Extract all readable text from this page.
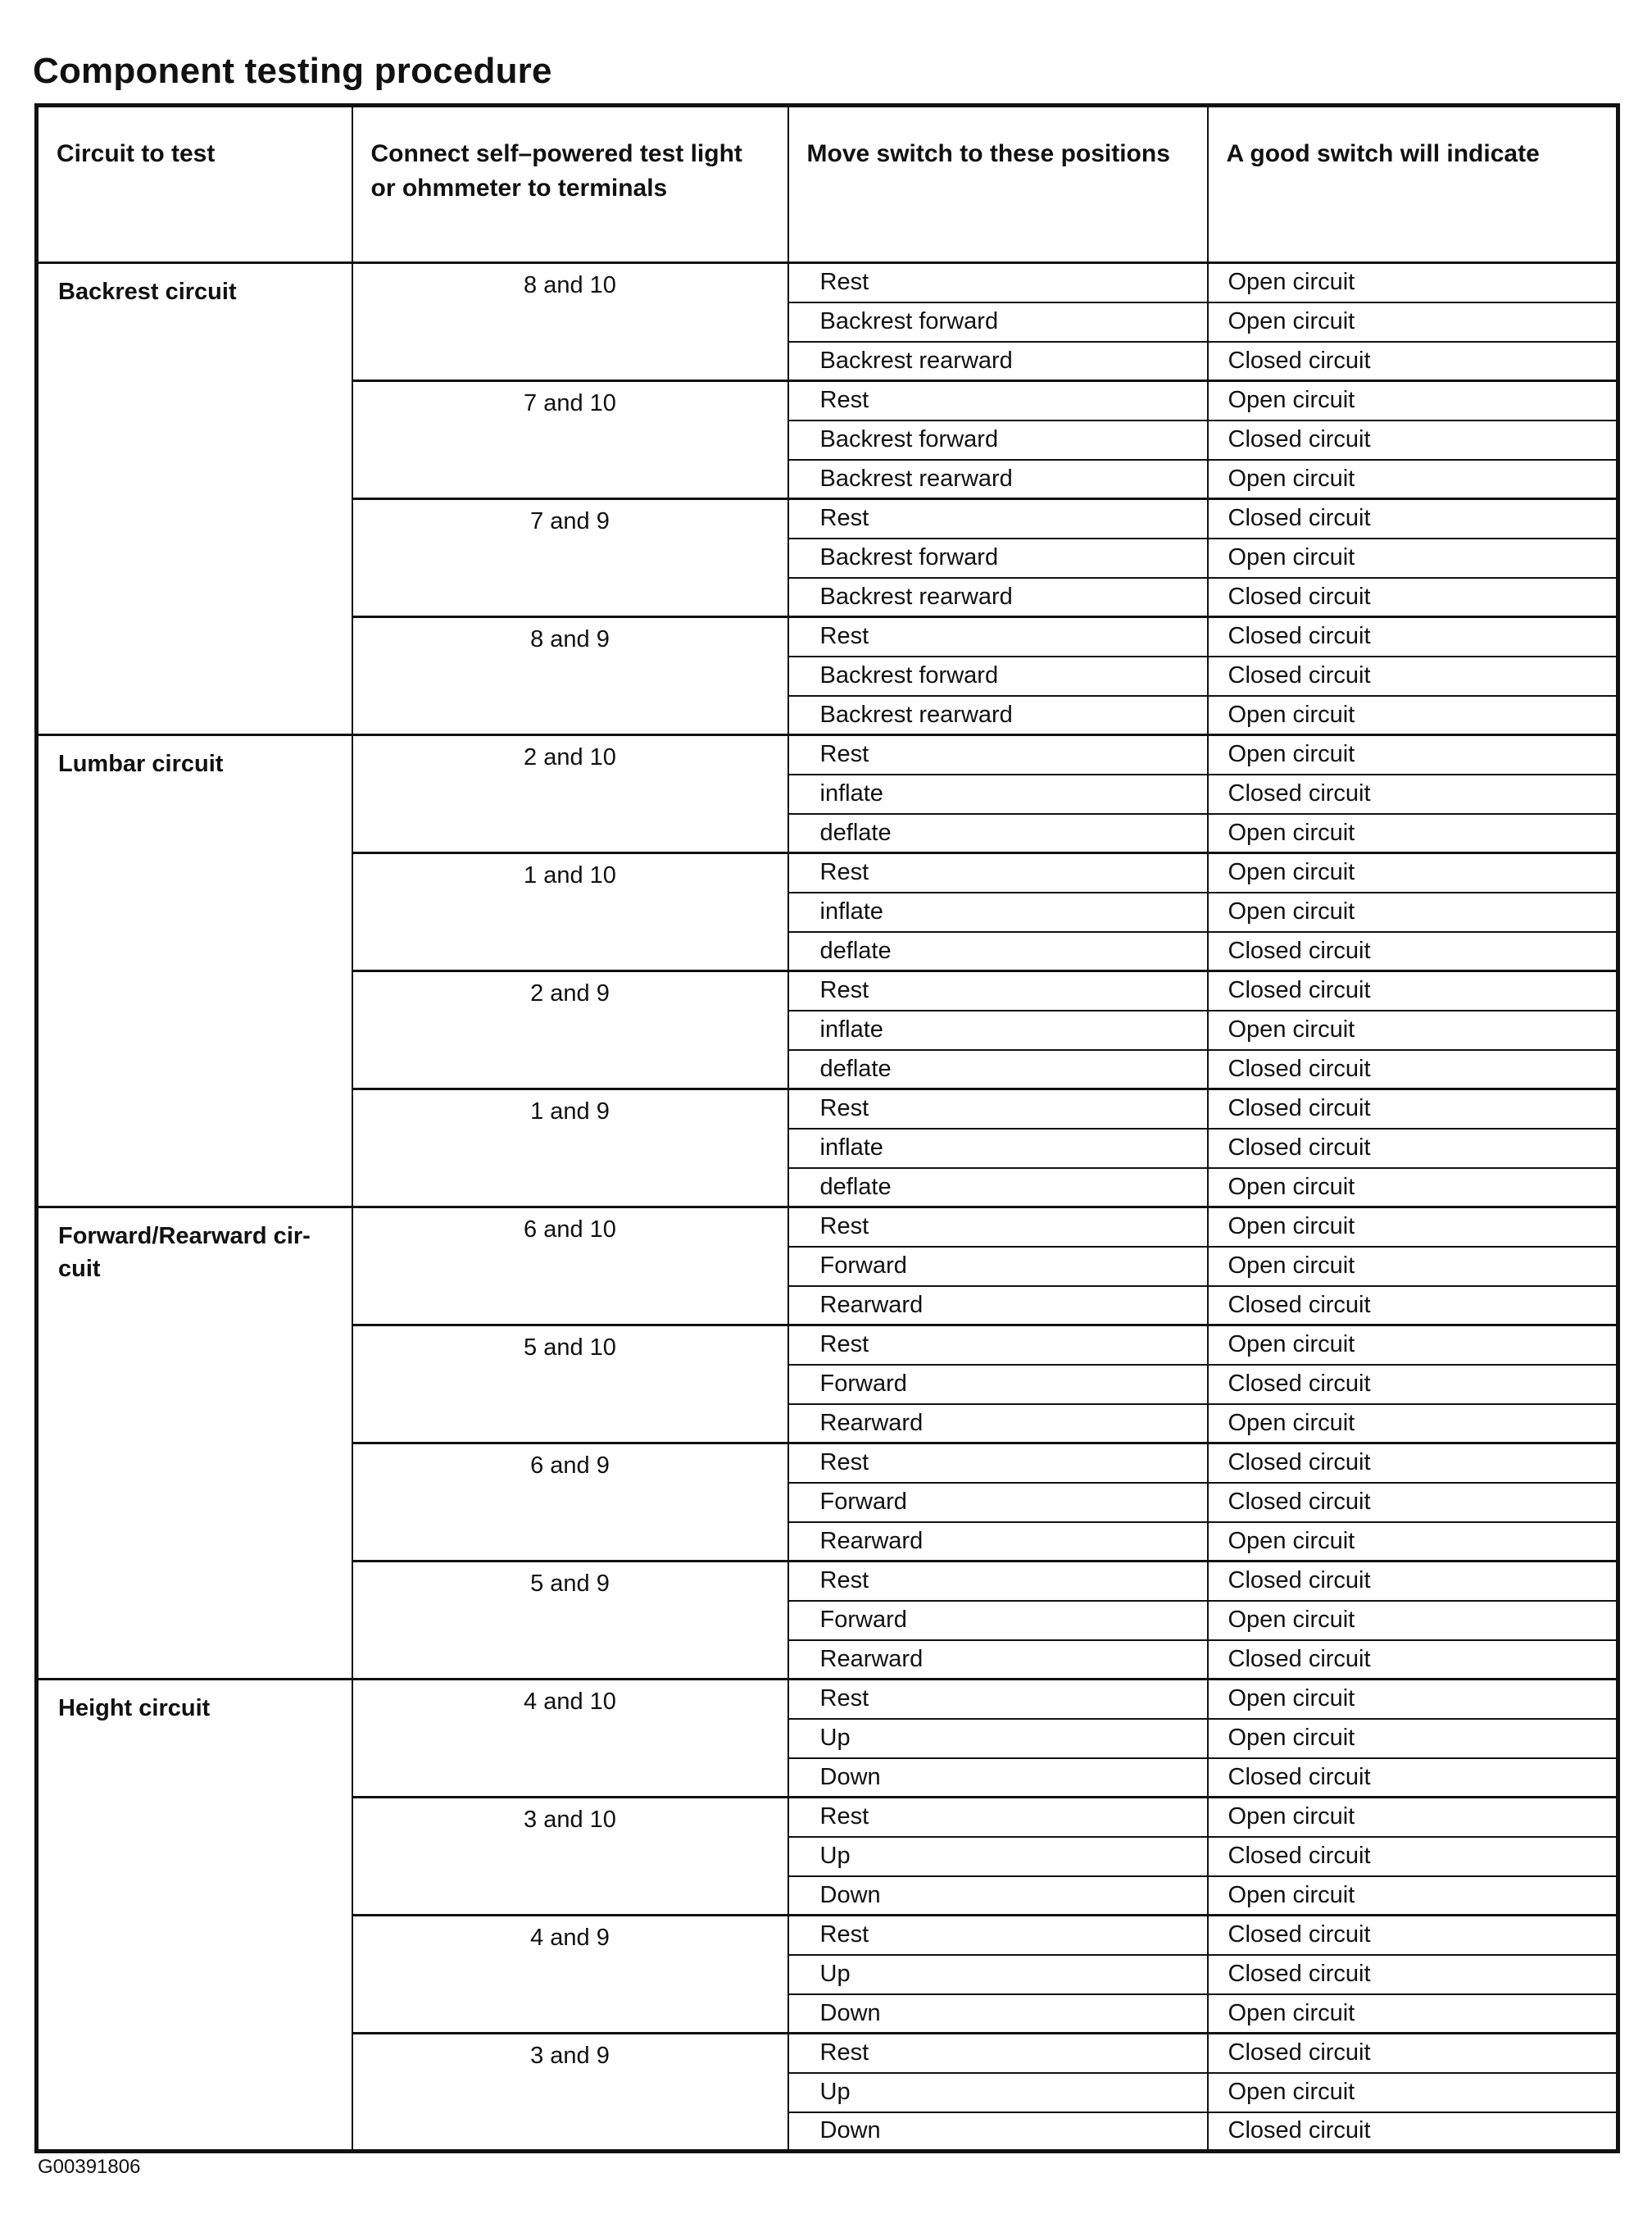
Component testing procedure
Circuit to test	Connect self–powered test light or ohmmeter to terminals	Move switch to these positions	A good switch will indicate
Backrest circuit	8 and 10	Rest	Open circuit
		Backrest forward	Open circuit
		Backrest rearward	Closed circuit
	7 and 10	Rest	Open circuit
		Backrest forward	Closed circuit
		Backrest rearward	Open circuit
	7 and 9	Rest	Closed circuit
		Backrest forward	Open circuit
		Backrest rearward	Closed circuit
	8 and 9	Rest	Closed circuit
		Backrest forward	Closed circuit
		Backrest rearward	Open circuit
Lumbar circuit	2 and 10	Rest	Open circuit
		inflate	Closed circuit
		deflate	Open circuit
	1 and 10	Rest	Open circuit
		inflate	Open circuit
		deflate	Closed circuit
	2 and 9	Rest	Closed circuit
		inflate	Open circuit
		deflate	Closed circuit
	1 and 9	Rest	Closed circuit
		inflate	Closed circuit
		deflate	Open circuit
Forward/Rearward cir-cuit	6 and 10	Rest	Open circuit
		Forward	Open circuit
		Rearward	Closed circuit
	5 and 10	Rest	Open circuit
		Forward	Closed circuit
		Rearward	Open circuit
	6 and 9	Rest	Closed circuit
		Forward	Closed circuit
		Rearward	Open circuit
	5 and 9	Rest	Closed circuit
		Forward	Open circuit
		Rearward	Closed circuit
Height circuit	4 and 10	Rest	Open circuit
		Up	Open circuit
		Down	Closed circuit
	3 and 10	Rest	Open circuit
		Up	Closed circuit
		Down	Open circuit
	4 and 9	Rest	Closed circuit
		Up	Closed circuit
		Down	Open circuit
	3 and 9	Rest	Closed circuit
		Up	Open circuit
		Down	Closed circuit
G00391806
